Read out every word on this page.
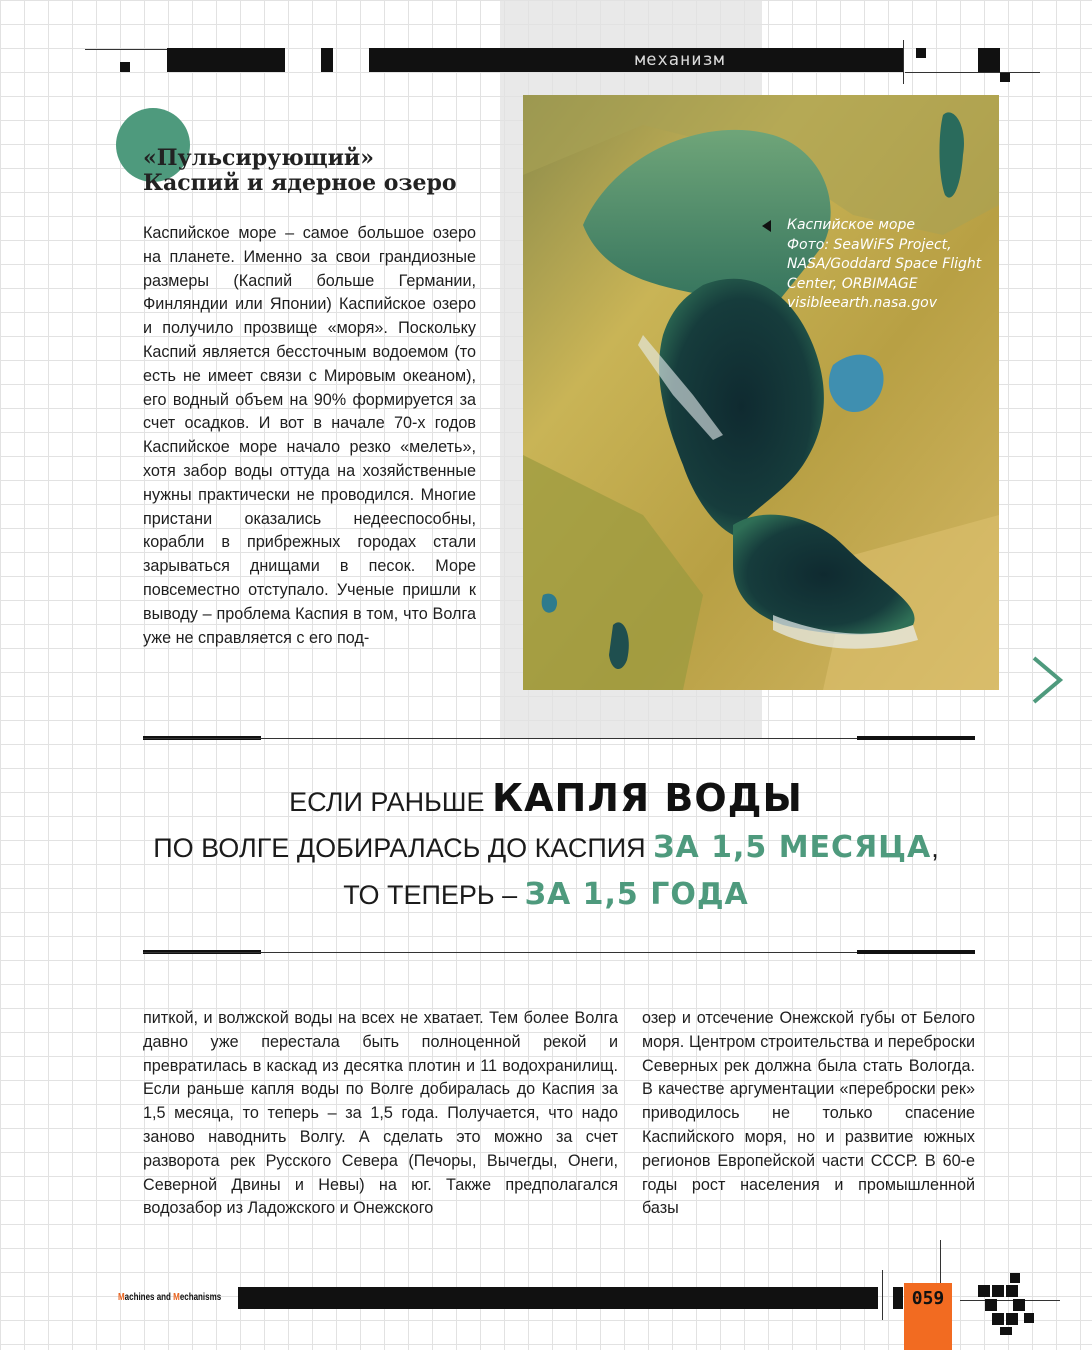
механизм
«Пульсирующий»
Каспий и ядерное озеро

Каспийское море – самое большое озеро на планете. Именно за свои грандиозные размеры (Каспий больше Германии, Финляндии или Японии) Каспийское озеро и получило прозвище «моря». Поскольку Каспий является бессточным водоемом (то есть не имеет связи с Мировым океаном), его водный объем на 90% формируется за счет осадков. И вот в начале 70-х годов Каспийское море начало резко «мелеть», хотя забор воды оттуда на хозяйственные нужны практически не проводился. Многие пристани оказались недееспособны, корабли в прибрежных городах стали зарываться днищами в песок. Море повсеместно отступало. Ученые пришли к выводу – проблема Каспия в том, что Волга уже не справляется с его под-

Каспийское море
Фото: SeaWiFS Project,
NASA/Goddard Space Flight
Center, ORBIMAGE
visibleearth.nasa.gov

ЕСЛИ РАНЬШЕ КАПЛЯ ВОДЫ
ПО ВОЛГЕ ДОБИРАЛАСЬ ДО КАСПИЯ ЗА 1,5 МЕСЯЦА,
ТО ТЕПЕРЬ – ЗА 1,5 ГОДА

питкой, и волжской воды на всех не хватает. Тем более Волга давно уже перестала быть полноценной рекой и превратилась в каскад из десятка плотин и 11 водохранилищ. Если раньше капля воды по Волге добиралась до Каспия за 1,5 месяца, то теперь – за 1,5 года. Получается, что надо заново наводнить Волгу. А сделать это можно за счет разворота рек Русского Севера (Печоры, Вычегды, Онеги, Северной Двины и Невы) на юг. Также предполагался водозабор из Ладожского и Онежского

озер и отсечение Онежской губы от Белого моря. Центром строительства и переброски Северных рек должна была стать Вологда. В качестве аргументации «переброски рек» приводилось не только спасение Каспийского моря, но и развитие южных регионов Европейской части СССР. В 60-е годы рост населения и промышленной базы

Machines and Mechanisms	059
